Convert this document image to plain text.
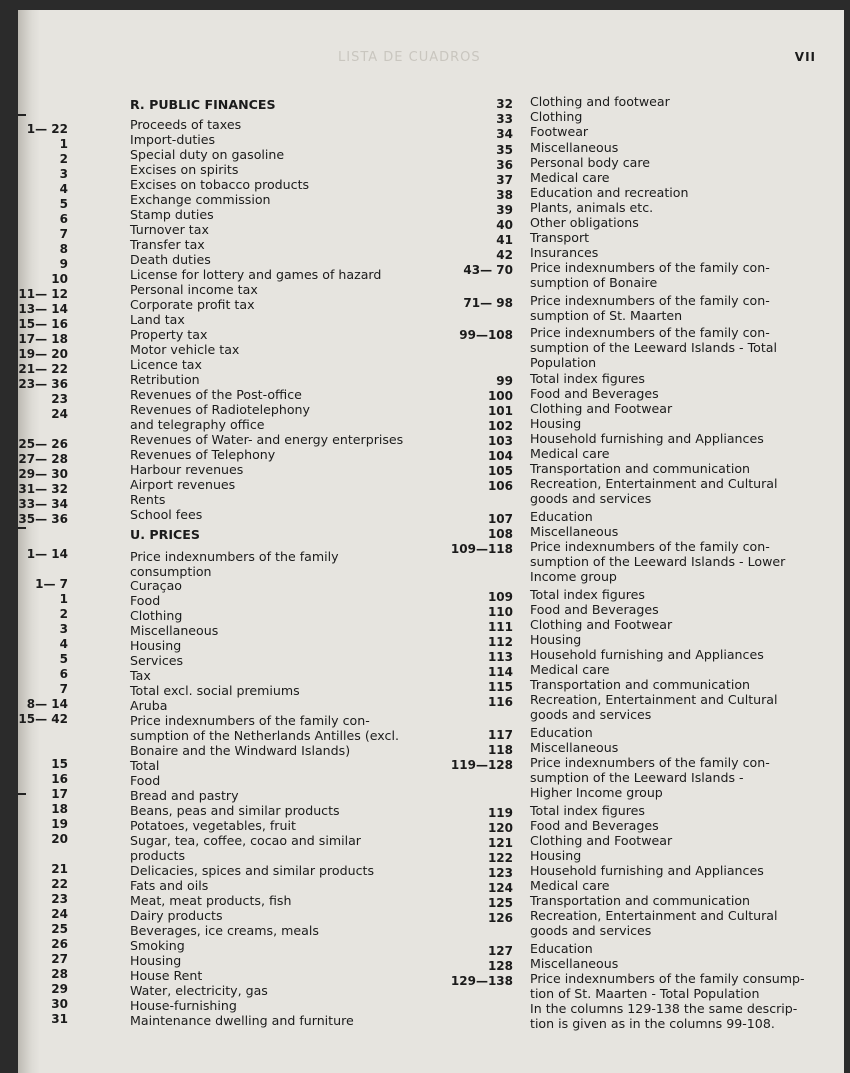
LISTA DE CUADROS	VII
1— 22
1
2
3
4
5
6
7
8
9
10
11— 12
13— 14
15— 16
17— 18
19— 20
21— 22
23— 36
23
24
25— 26
27— 28
29— 30
31— 32
33— 34
35— 36
1— 14
1— 7
1
2
3
4
5
6
7
8— 14
15— 42
15
16
17
18
19
20
21
22
23
24
25
26
27
28
29
30
31
R. PUBLIC FINANCES
Proceeds of taxes
Import-duties
Special duty on gasoline
Excises on spirits
Excises on tobacco products
Exchange commission
Stamp duties
Turnover tax
Transfer tax
Death duties
License for lottery and games of hazard
Personal income tax
Corporate profit tax
Land tax
Property tax
Motor vehicle tax
Licence tax
Retribution
Revenues of the Post-office
Revenues of Radiotelephony
and telegraphy office
Revenues of Water- and energy enterprises
Revenues of Telephony
Harbour revenues
Airport revenues
Rents
School fees
U. PRICES
Price indexnumbers of the family
consumption
Curaçao
Food
Clothing
Miscellaneous
Housing
Services
Tax
Total excl. social premiums
Aruba
Price indexnumbers of the family con-
sumption of the Netherlands Antilles (excl.
Bonaire and the Windward Islands)
Total
Food
Bread and pastry
Beans, peas and similar products
Potatoes, vegetables, fruit
Sugar, tea, coffee, cocao and similar
products
Delicacies, spices and similar products
Fats and oils
Meat, meat products, fish
Dairy products
Beverages, ice creams, meals
Smoking
Housing
House Rent
Water, electricity, gas
House-furnishing
Maintenance dwelling and furniture
32
33
34
35
36
37
38
39
40
41
42
43— 70
71— 98
99—108
99
100
101
102
103
104
105
106
107
108
109—118
109
110
111
112
113
114
115
116
117
118
119—128
119
120
121
122
123
124
125
126
127
128
129—138
Clothing and footwear
Clothing
Footwear
Miscellaneous
Personal body care
Medical care
Education and recreation
Plants, animals etc.
Other obligations
Transport
Insurances
Price indexnumbers of the family con-
sumption of Bonaire
Price indexnumbers of the family con-
sumption of St. Maarten
Price indexnumbers of the family con-
sumption of the Leeward Islands - Total
Population
Total index figures
Food and Beverages
Clothing and Footwear
Housing
Household furnishing and Appliances
Medical care
Transportation and communication
Recreation, Entertainment and Cultural
goods and services
Education
Miscellaneous
Price indexnumbers of the family con-
sumption of the Leeward Islands - Lower
Income group
Total index figures
Food and Beverages
Clothing and Footwear
Housing
Household furnishing and Appliances
Medical care
Transportation and communication
Recreation, Entertainment and Cultural
goods and services
Education
Miscellaneous
Price indexnumbers of the family con-
sumption of the Leeward Islands -
Higher Income group
Total index figures
Food and Beverages
Clothing and Footwear
Housing
Household furnishing and Appliances
Medical care
Transportation and communication
Recreation, Entertainment and Cultural
goods and services
Education
Miscellaneous
Price indexnumbers of the family consump-
tion of St. Maarten - Total Population
In the columns 129-138 the same descrip-
tion is given as in the columns 99-108.
